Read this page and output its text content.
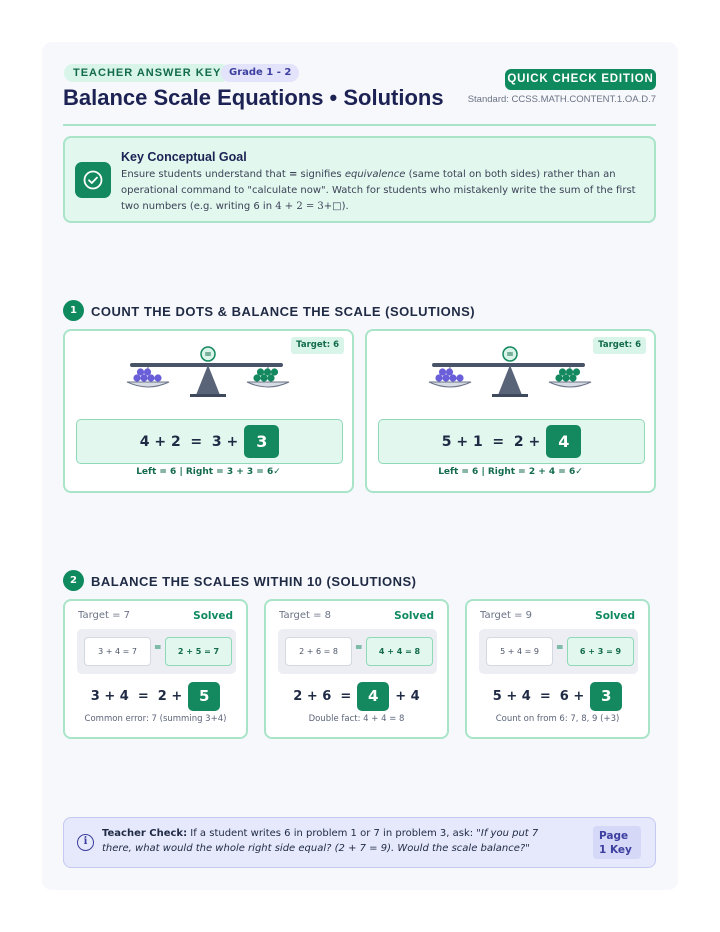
TEACHER ANSWER KEY Grade 1 - 2
Balance Scale Equations • Solutions
QUICK CHECK EDITION
Standard: CCSS.MATH.CONTENT.1.OA.D.7
Key Conceptual Goal
Ensure students understand that = signifies equivalence (same total on both sides) rather than an operational command to "calculate now". Watch for students who mistakenly write the sum of the first two numbers (e.g. writing 6 in 4 + 2 = 3+□).
1	COUNT THE DOTS & BALANCE THE SCALE (SOLUTIONS)
Target: 6
=
4 + 2  =  3 +	3
Left = 6 | Right = 3 + 3 = 6✓
Target: 6
=
5 + 1  =  2 +	4
Left = 6 | Right = 2 + 4 = 6✓
2	BALANCE THE SCALES WITHIN 10 (SOLUTIONS)
Target = 7	Solved
3 + 4 = 7	=	2 + 5 = 7
3 + 4  =  2 +	5
Common error: 7 (summing 3+4)
Target = 8	Solved
2 + 6 = 8	=	4 + 4 = 8
2 + 6  =	4	+ 4
Double fact: 4 + 4 = 8
Target = 9	Solved
5 + 4 = 9	=	6 + 3 = 9
5 + 4  =  6 +	3
Count on from 6: 7, 8, 9 (+3)
i
Teacher Check: If a student writes 6 in problem 1 or 7 in problem 3, ask: "If you put 7 there, what would the whole right side equal? (2 + 7 = 9). Would the scale balance?"
Page
1 Key
